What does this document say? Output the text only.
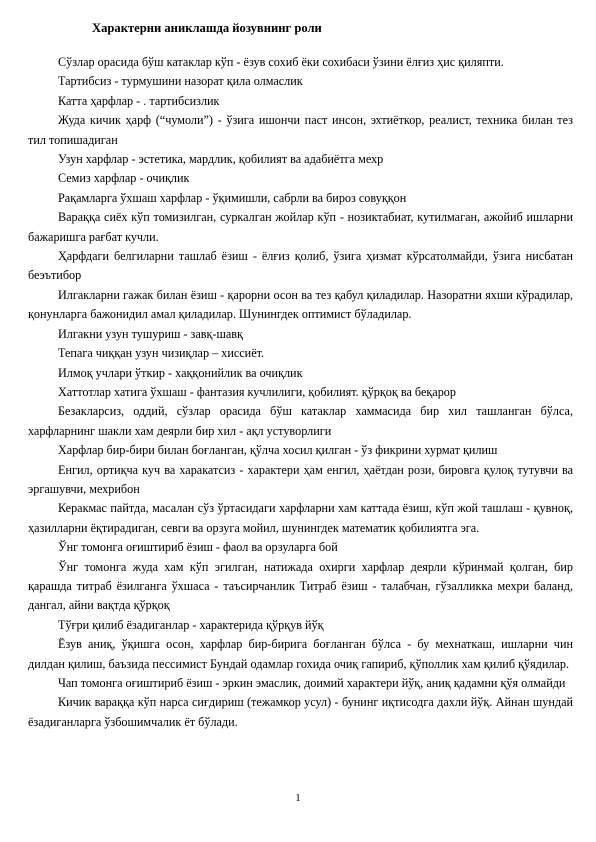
Характерни аниклашда йозувнинг роли

Сўзлар орасида бўш катаклар кўп - ёзув сохиб ёки сохибаси ўзини ёлғиз ҳис қиляпти.

Тартибсиз - турмушини назорат қила олмаслик

Катта ҳарфлар - . тартибсизлик

Жуда кичик ҳарф (“чумоли”) - ўзига ишончи паст инсон, эхтиёткор, реалист, техника билан тез тил топишадиган

Узун харфлар - эстетика, мардлик, қобилият ва адабиётга мехр

Семиз харфлар - очиқлик

Рақамларга ўхшаш харфлар - ўқимишли, сабрли ва бироз совуққон

Вараққа сиёх кўп томизилган, суркалган жойлар кўп - нозиктабиат, кутилмаган, ажойиб ишларни бажаришга рағбат кучли.

Ҳарфдаги белгиларни ташлаб ёзиш - ёлғиз қолиб, ўзига ҳизмат кўрсатолмайди, ўзига нисбатан беэътибор

Илгакларни гажак билан ёзиш - қарорни осон ва тез қабул қиладилар. Назоратни яхши кўрадилар, қонунларга бажонидил амал қиладилар. Шунингдек оптимист бўладилар.

Илгакни узун тушуриш - завқ-шавқ

Тепага чиққан узун чизиқлар – хиссиёт.

Илмоқ учлари ўткир - хаққонийлик ва очиқлик

Хаттотлар хатига ўхшаш - фантазия кучлилиги, қобилият. қўрқоқ ва беқарор

Безакларсиз, оддий, сўзлар орасида бўш катаклар хаммасида бир хил ташланган бўлса, харфларнинг шакли хам деярли бир хил - ақл устуворлиги

Харфлар бир-бири билан боғланган, қўлча хосил қилган - ўз фикрини хурмат қилиш

Енгил, ортиқча куч ва харакатсиз - характери ҳам енгил, ҳаётдан рози, бировга қулоқ тутувчи ва эргашувчи, мехрибон

Керакмас пайтда, масалан сўз ўртасидаги харфларни хам каттада ёзиш, кўп жой ташлаш - қувноқ, ҳазилларни ёқтирадиган, севги ва орзуга мойил, шунингдек математик қобилиятга эга.

Ўнг томонга оғиштириб ёзиш - фаол ва орзуларга бой

Ўнг томонга жуда хам кўп эгилган, натижада охирги харфлар деярли кўринмай қолган, бир қарашда титраб ёзилганга ўхшаса - таъсирчанлик Титраб ёзиш - талабчан, гўзалликка мехри баланд, дангал, айни вақтда қўрқоқ

Тўғри қилиб ёзадиганлар - характерида қўрқув йўқ

Ёзув аниқ, ўқишга осон, харфлар бир-бирига боғланган бўлса - бу мехнаткаш, ишларни чин дилдан қилиш, баъзида пессимист Бундай одамлар гохида очиқ гапириб, қўполлик хам қилиб қўядилар.

Чап томонга оғиштириб ёзиш - эркин эмаслик, доимий характери йўқ, аниқ қадамни қўя олмайди

Кичик вараққа кўп нарса сиғдириш (тежамкор усул) - бунинг иқтисодга дахли йўқ. Айнан шундай ёзадиганларга ўзбошимчалик ёт бўлади.

1
